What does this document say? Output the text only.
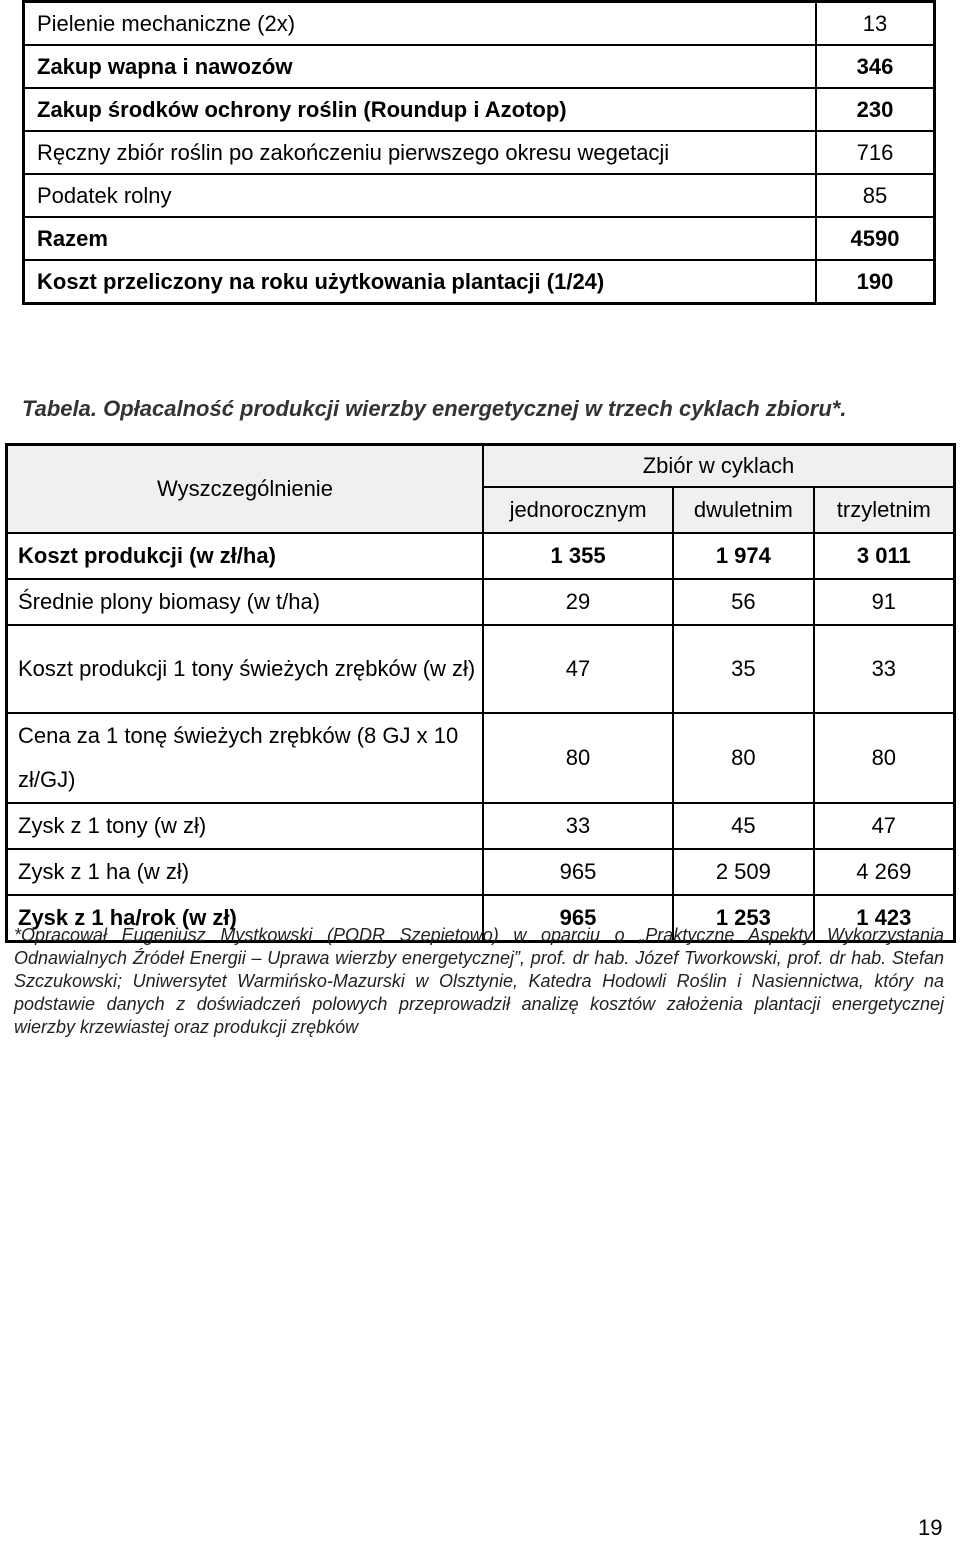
Pielenie mechaniczne (2x)	13
Zakup wapna i nawozów	346
Zakup środków ochrony roślin (Roundup i Azotop)	230
Ręczny zbiór roślin po zakończeniu pierwszego okresu wegetacji	716
Podatek rolny	85
Razem	4590
Koszt przeliczony na roku użytkowania plantacji (1/24)	190
Tabela. Opłacalność produkcji wierzby energetycznej w trzech cyklach zbioru*.
Wyszczególnienie	Zbiór w cyklach		
	jednorocznym	dwuletnim	trzyletnim
Koszt produkcji (w zł/ha)	1 355	1 974	3 011
Średnie plony biomasy (w t/ha)	29	56	91
Koszt produkcji 1 tony świeżych zrębków (w zł)	47	35	33
Cena za 1 tonę świeżych zrębków (8 GJ x 10 zł/GJ)	80	80	80
Zysk z 1 tony (w zł)	33	45	47
Zysk z 1 ha (w zł)	965	2 509	4 269
Zysk z 1 ha/rok (w zł)	965	1 253	1 423
*Opracował Eugeniusz Mystkowski (PODR Szepietowo) w oparciu o „Praktyczne Aspekty Wykorzystania Odnawialnych Źródeł Energii – Uprawa wierzby energetycznej”, prof. dr hab. Józef Tworkowski, prof. dr hab. Stefan Szczukowski; Uniwersytet Warmińsko-Mazurski w Olsztynie, Katedra Hodowli Roślin i Nasiennictwa, który na podstawie danych z doświadczeń polowych przeprowadził analizę kosztów założenia plantacji energetycznej wierzby krzewiastej oraz produkcji zrębków
19
